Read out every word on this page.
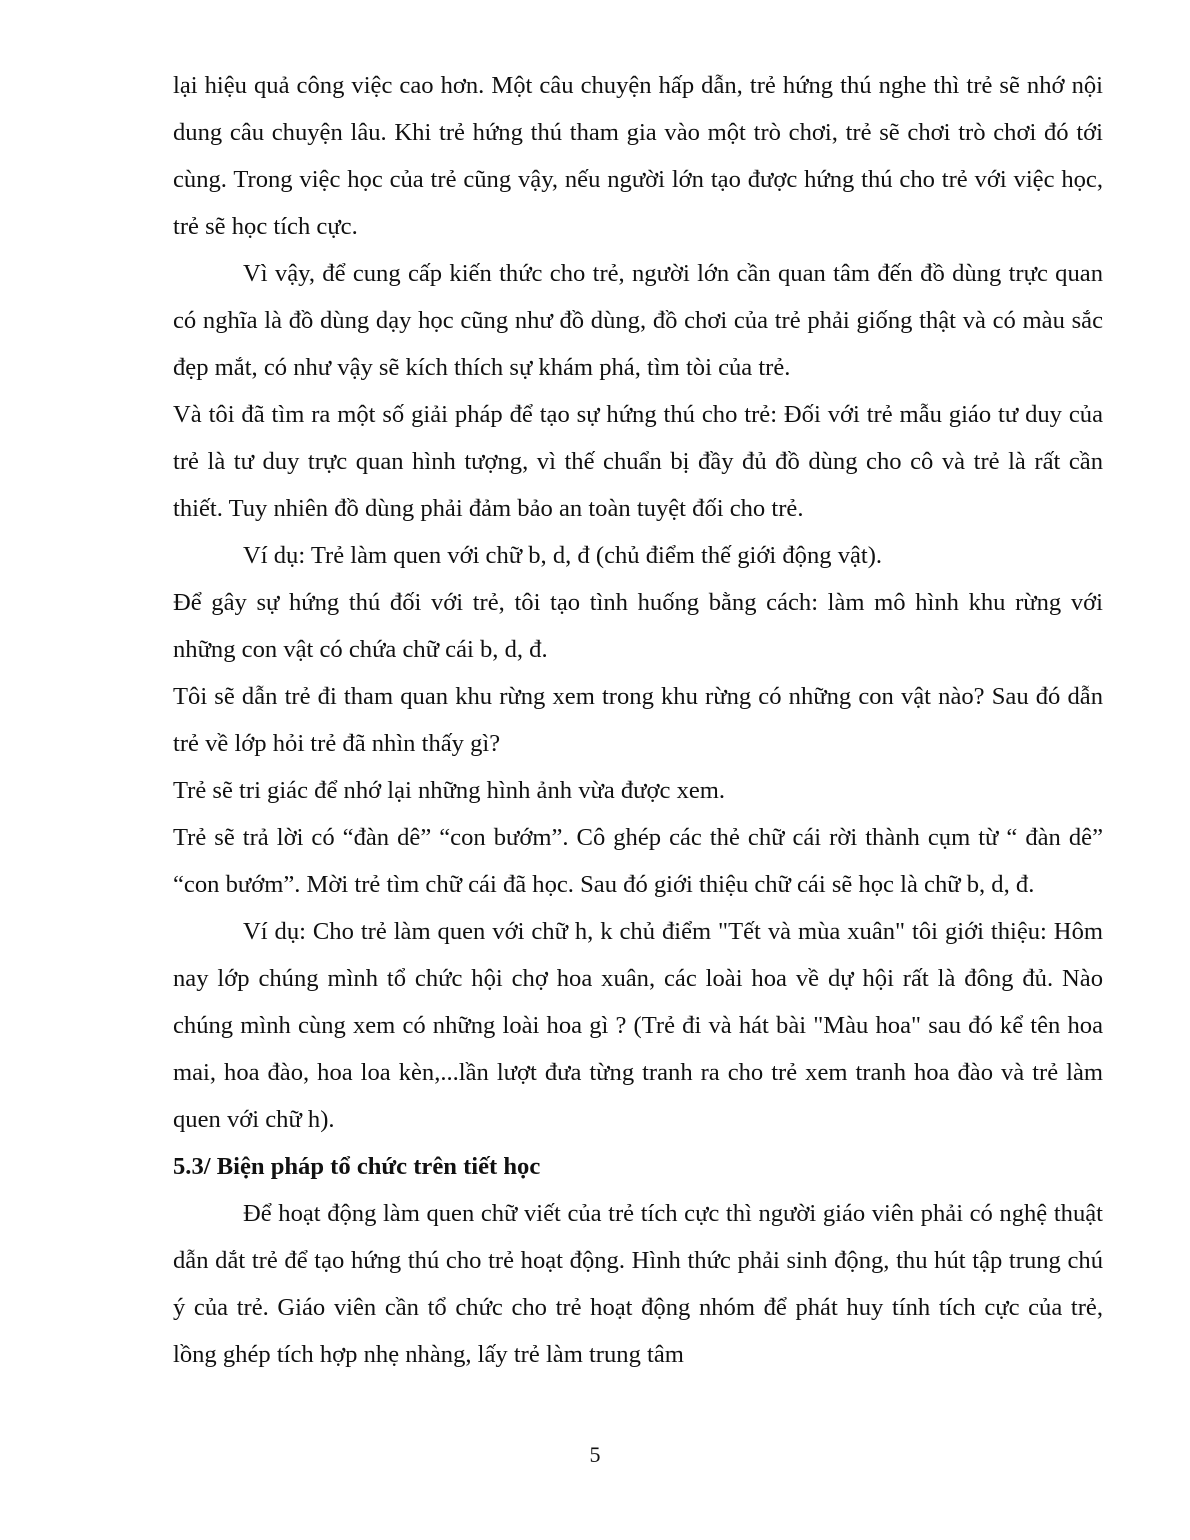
lại hiệu quả công việc cao hơn. Một câu chuyện hấp dẫn, trẻ hứng thú nghe thì trẻ sẽ nhớ nội dung câu chuyện lâu. Khi trẻ hứng thú tham gia vào một trò chơi, trẻ sẽ chơi trò chơi đó tới cùng. Trong việc học của trẻ cũng vậy, nếu người lớn tạo được hứng thú cho trẻ với việc học, trẻ sẽ học tích cực.

Vì vậy, để cung cấp kiến thức cho trẻ, người lớn cần quan tâm đến đồ dùng trực quan có nghĩa là đồ dùng dạy học cũng như đồ dùng, đồ chơi của trẻ phải giống thật và có màu sắc đẹp mắt, có như vậy sẽ kích thích sự khám phá, tìm tòi của trẻ.

Và tôi đã tìm ra một số giải pháp để tạo sự hứng thú cho trẻ: Đối với trẻ mẫu giáo tư duy của trẻ là tư duy trực quan hình tượng, vì thế chuẩn bị đầy đủ đồ dùng cho cô và trẻ là rất cần thiết. Tuy nhiên đồ dùng phải đảm bảo an toàn tuyệt đối cho trẻ.

Ví dụ: Trẻ làm quen với chữ b, d, đ (chủ điểm thế giới động vật).

Để gây sự hứng thú đối với trẻ, tôi tạo tình huống bằng cách: làm mô hình khu rừng với những con vật có chứa chữ cái b, d, đ.

Tôi sẽ dẫn trẻ đi tham quan khu rừng xem trong khu rừng có những con vật nào? Sau đó dẫn trẻ về lớp hỏi trẻ đã nhìn thấy gì?

Trẻ sẽ tri giác để nhớ lại những hình ảnh vừa được xem.

Trẻ sẽ trả lời có “đàn dê” “con bướm”. Cô ghép các thẻ chữ cái rời thành cụm từ “ đàn dê” “con bướm”. Mời trẻ tìm chữ cái đã học. Sau đó giới thiệu chữ cái sẽ học là chữ b, d, đ.

Ví dụ: Cho trẻ làm quen với chữ h, k chủ điểm "Tết và mùa xuân" tôi giới thiệu: Hôm nay lớp chúng mình tổ chức hội chợ hoa xuân, các loài hoa về dự hội rất là đông đủ. Nào chúng mình cùng xem có những loài hoa gì ? (Trẻ đi và hát bài "Màu hoa" sau đó kể tên hoa mai, hoa đào, hoa loa kèn,...lần lượt đưa từng tranh ra cho trẻ xem tranh hoa đào và trẻ làm quen với chữ h).

5.3/ Biện pháp tổ chức trên tiết học

Để hoạt động làm quen chữ viết của trẻ tích cực thì người giáo viên phải có nghệ thuật dẫn dắt trẻ để tạo hứng thú cho trẻ hoạt động. Hình thức phải sinh động, thu hút tập trung chú ý của trẻ. Giáo viên cần tổ chức cho trẻ hoạt động nhóm để phát huy tính tích cực của trẻ, lồng ghép tích hợp nhẹ nhàng, lấy trẻ làm trung tâm

5
